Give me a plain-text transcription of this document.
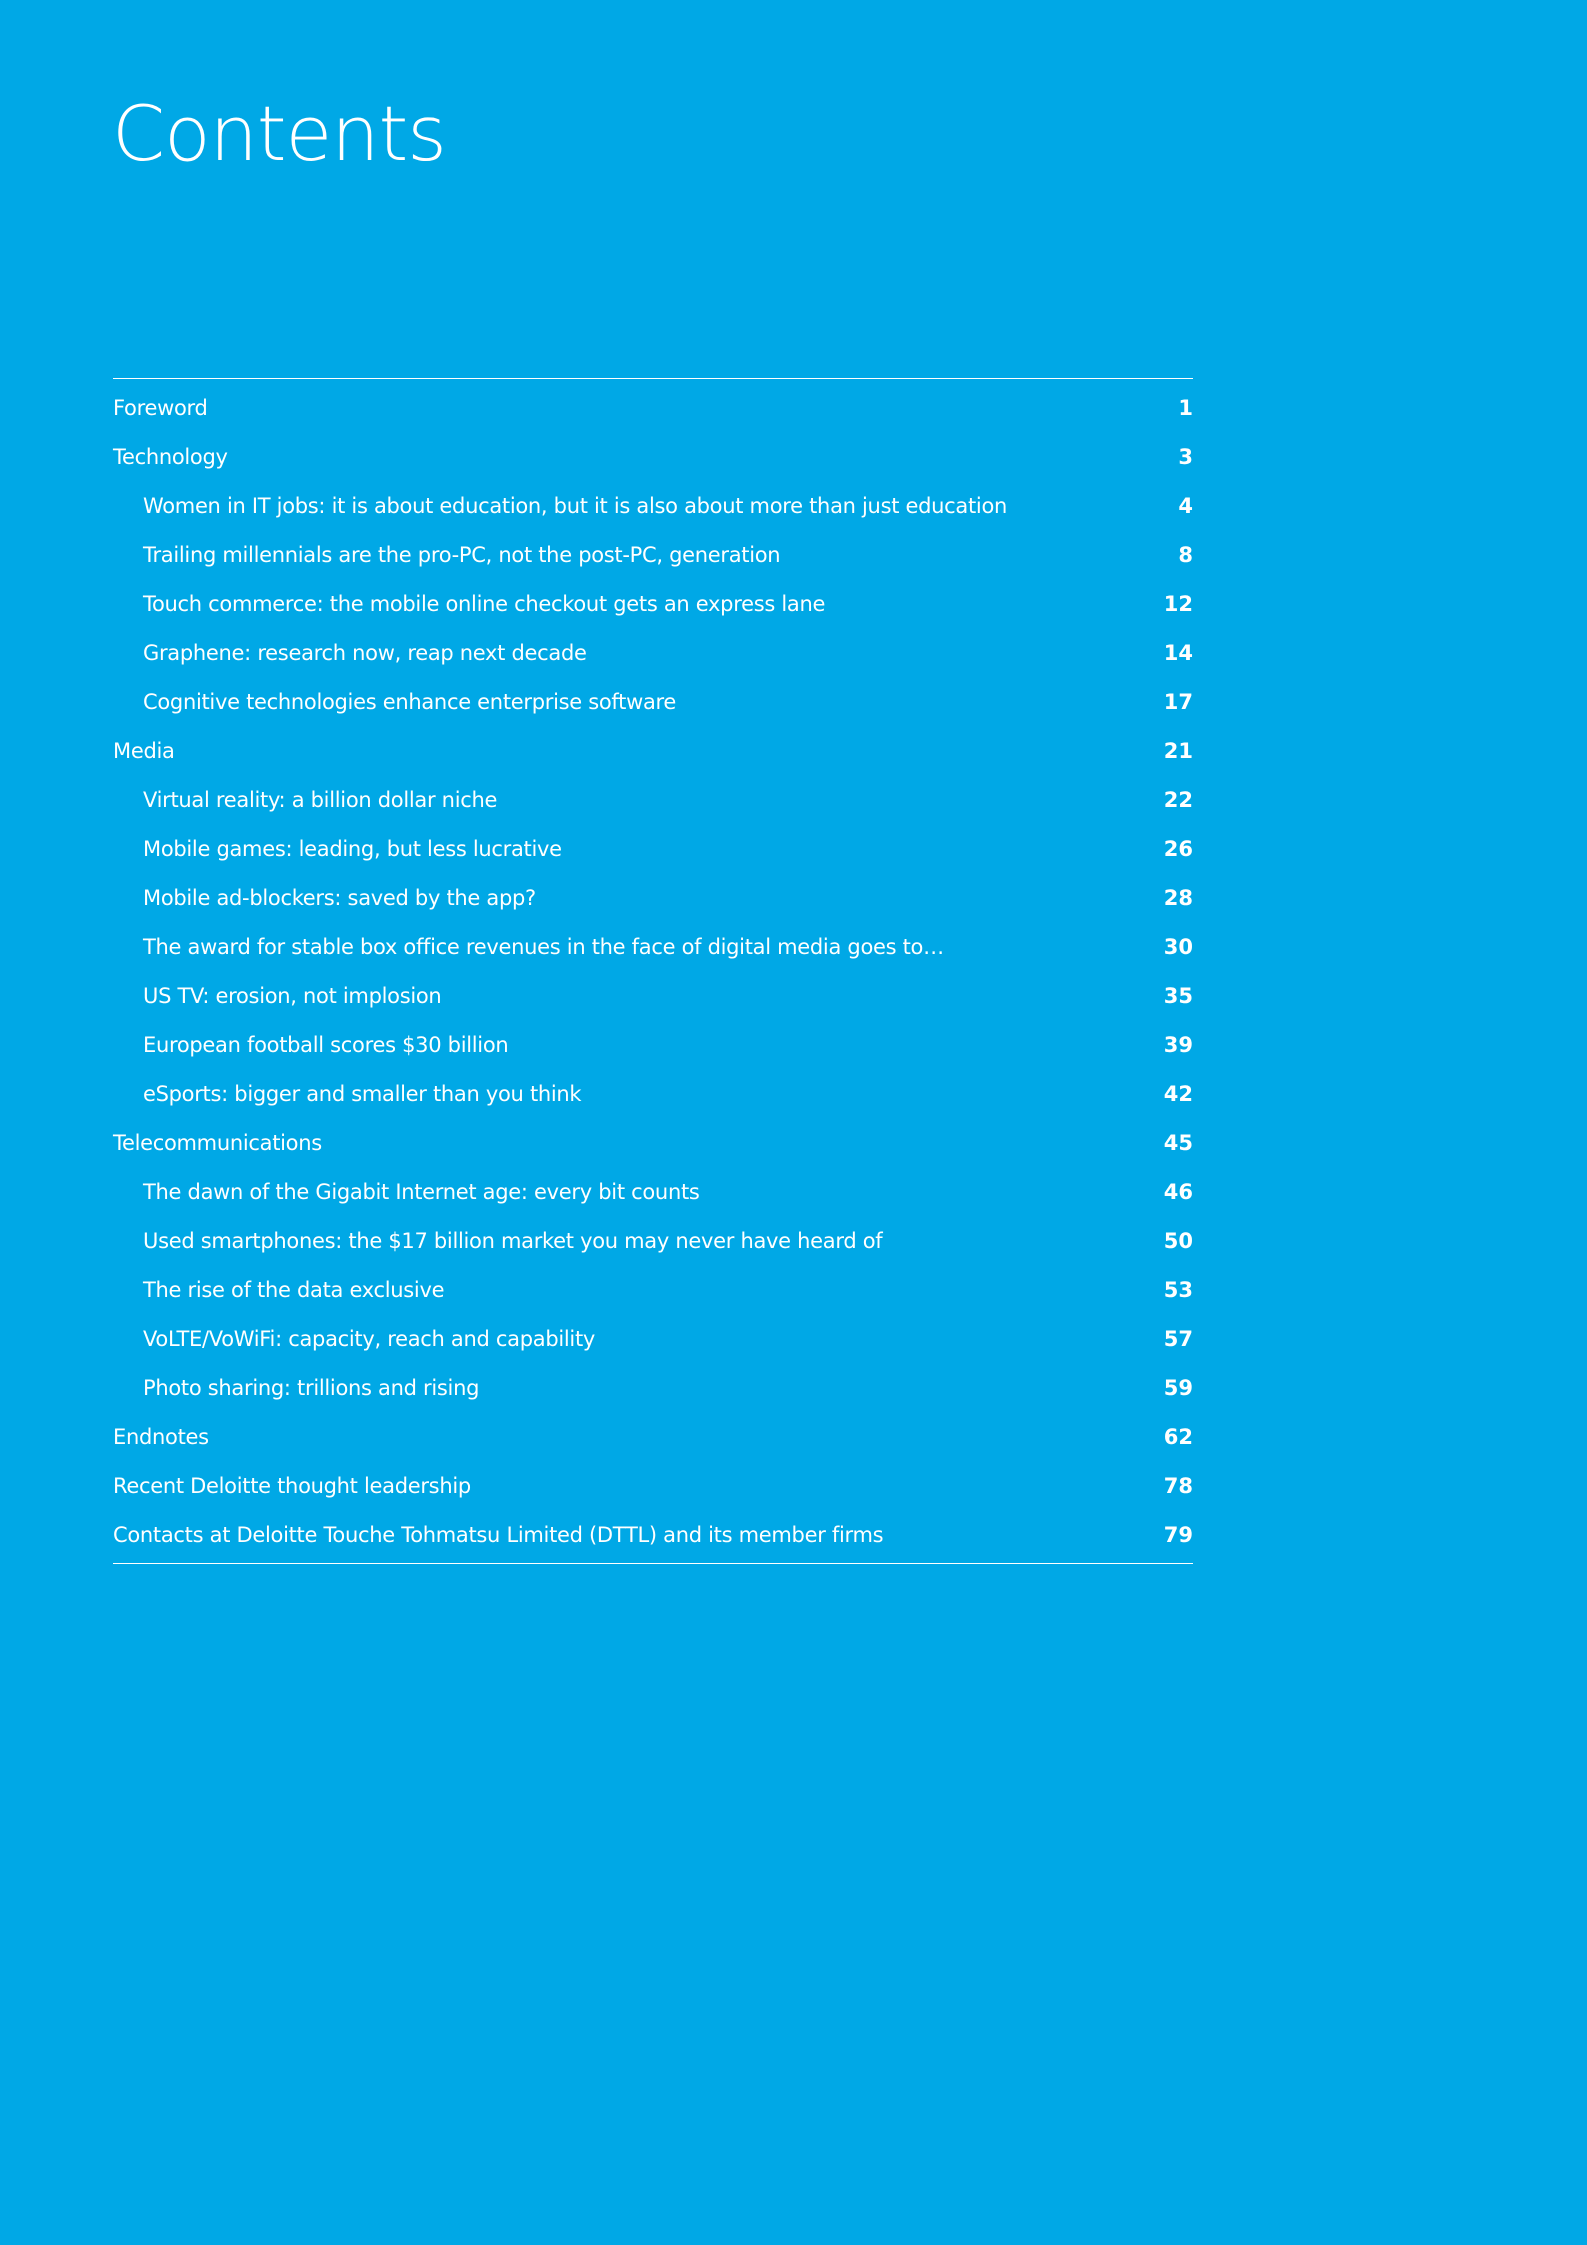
Contents
Foreword	1
Technology	3
Women in IT jobs: it is about education, but it is also about more than just education	4
Trailing millennials are the pro-PC, not the post-PC, generation	8
Touch commerce: the mobile online checkout gets an express lane	12
Graphene: research now, reap next decade	14
Cognitive technologies enhance enterprise software	17
Media	21
Virtual reality: a billion dollar niche	22
Mobile games: leading, but less lucrative	26
Mobile ad-blockers: saved by the app?	28
The award for stable box office revenues in the face of digital media goes to…	30
US TV: erosion, not implosion	35
European football scores $30 billion	39
eSports: bigger and smaller than you think	42
Telecommunications	45
The dawn of the Gigabit Internet age: every bit counts	46
Used smartphones: the $17 billion market you may never have heard of	50
The rise of the data exclusive	53
VoLTE/VoWiFi: capacity, reach and capability	57
Photo sharing: trillions and rising	59
Endnotes	62
Recent Deloitte thought leadership	78
Contacts at Deloitte Touche Tohmatsu Limited (DTTL) and its member firms	79
